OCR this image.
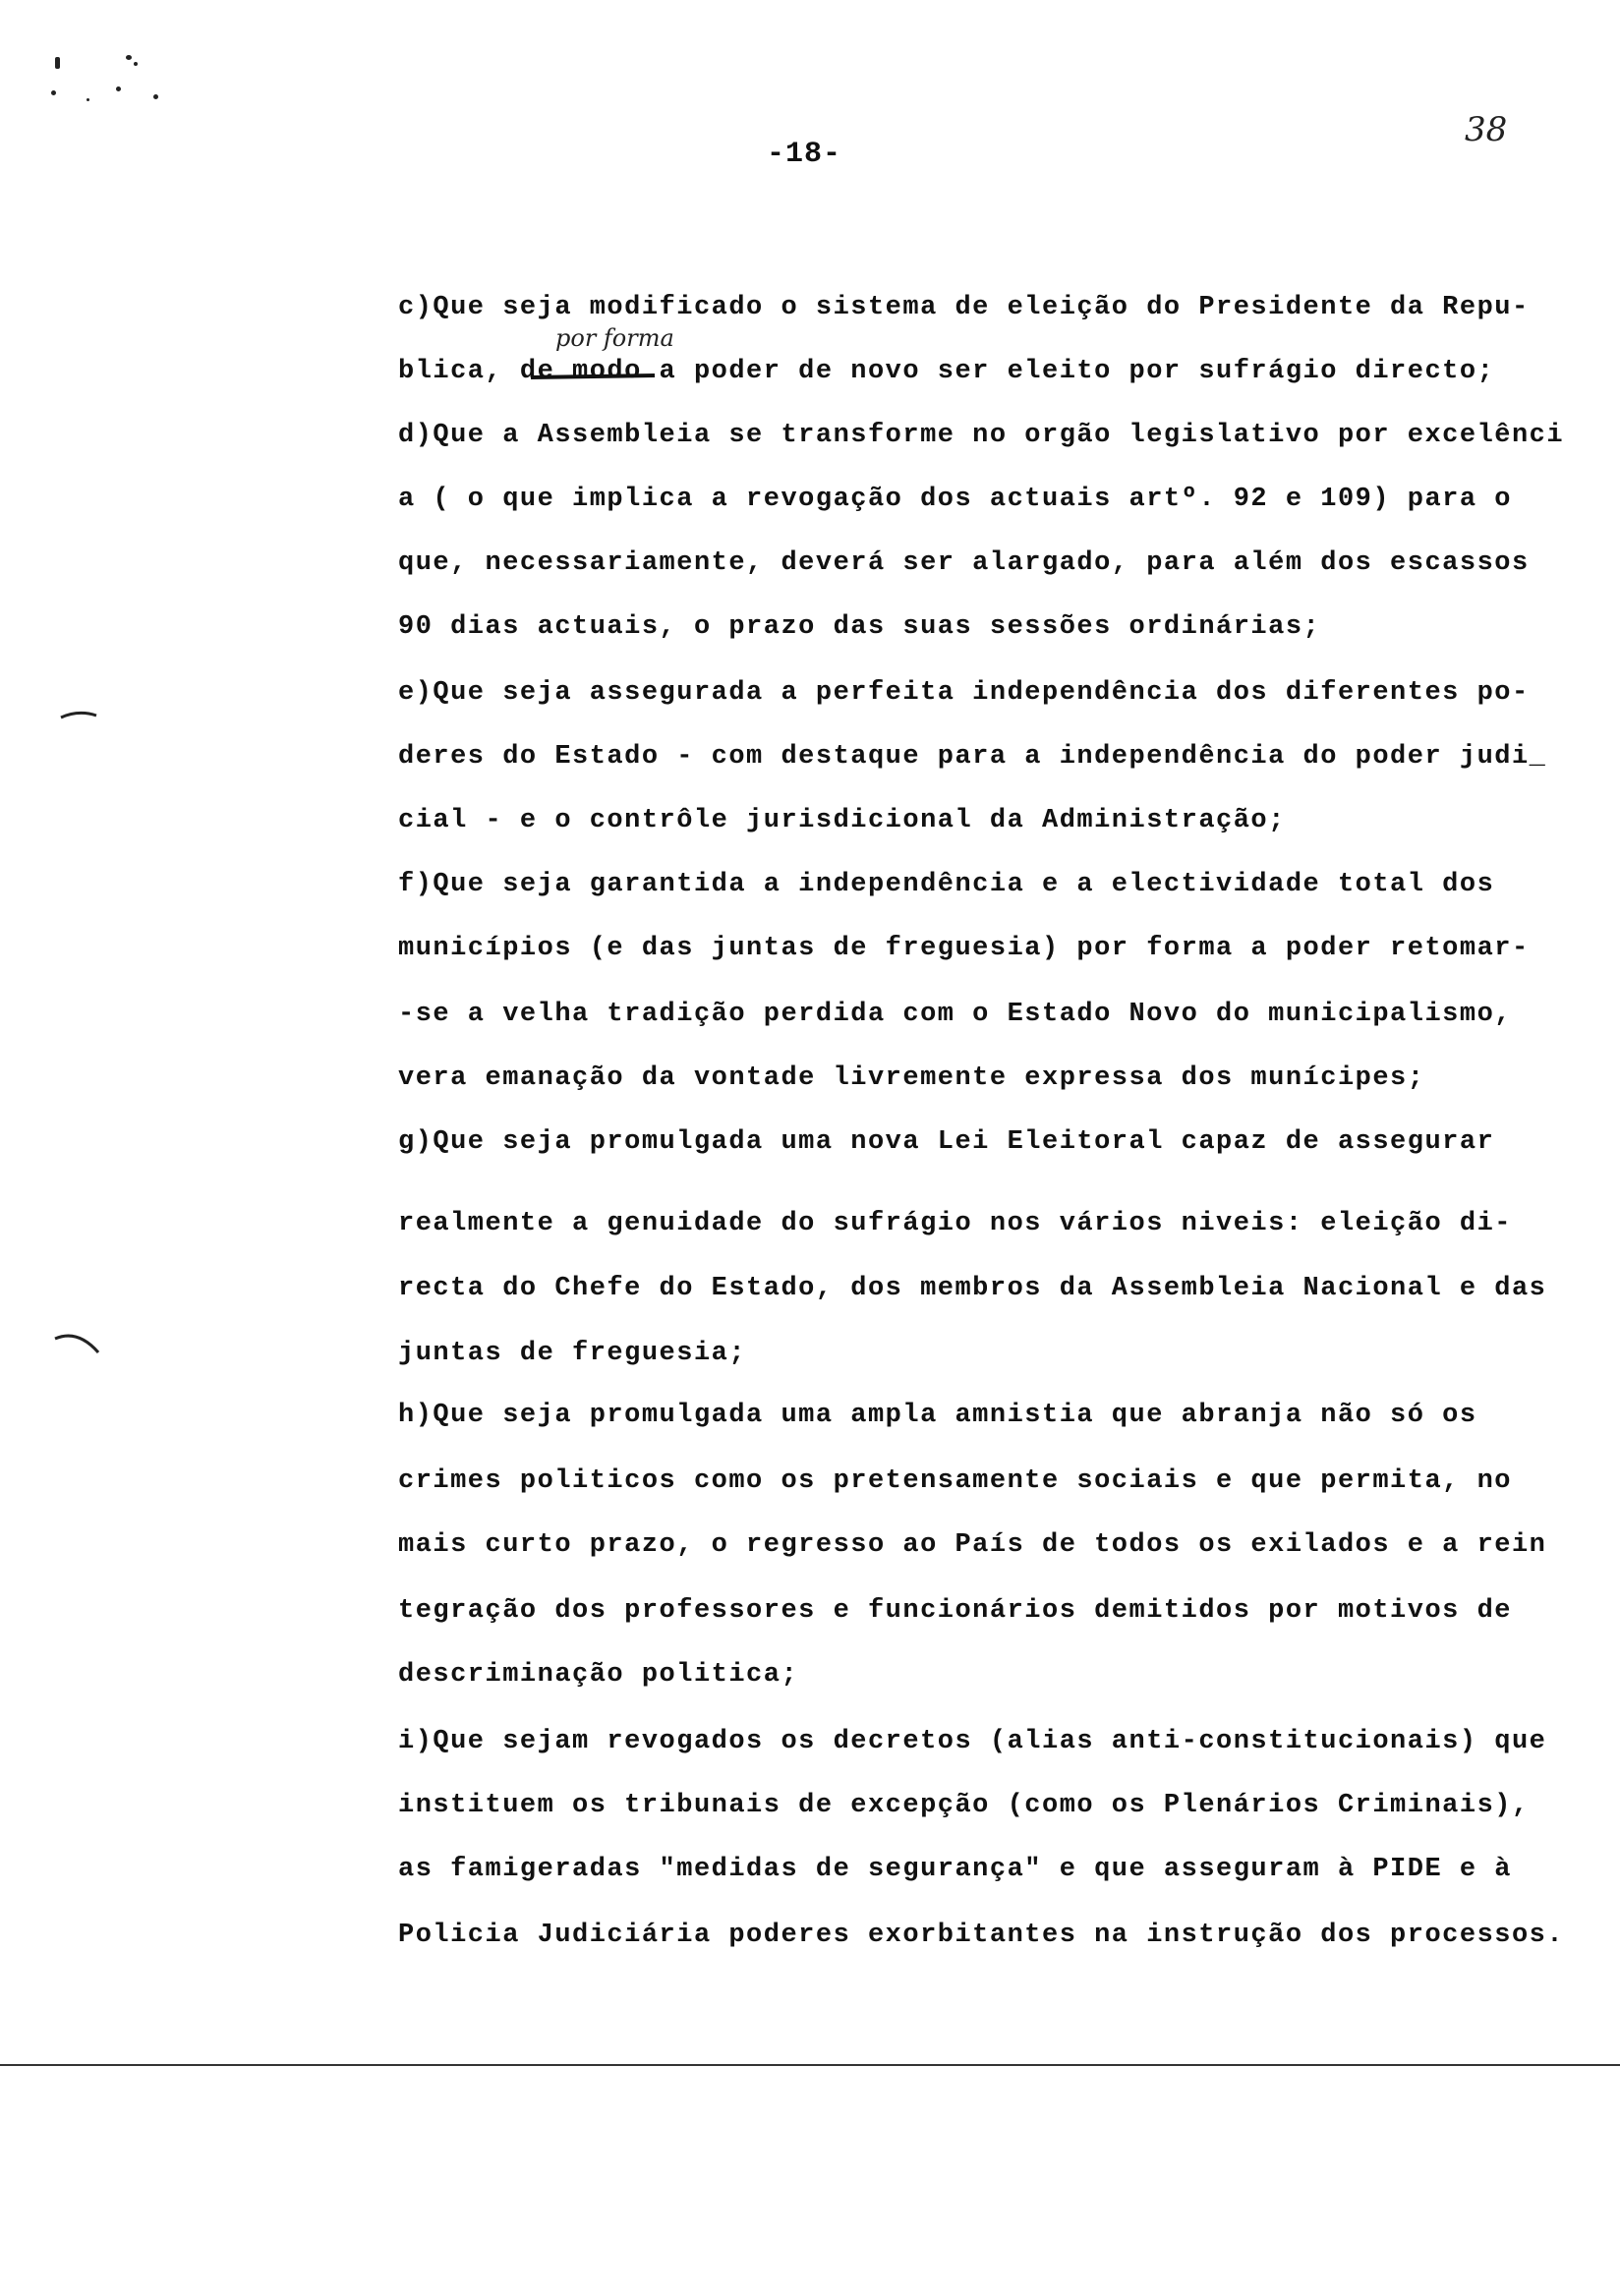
-18-
38
por forma
c)Que seja modificado o sistema de eleição do Presidente da Repu-
blica, de modo a poder de novo ser eleito por sufrágio directo;
d)Que a Assembleia se transforme no orgão legislativo por excelênci
a ( o que implica a revogação dos actuais artº. 92 e 109) para o
que, necessariamente, deverá ser alargado, para além dos escassos
90 dias actuais, o prazo das suas sessões ordinárias;
e)Que seja assegurada a perfeita independência dos diferentes po-
deres do Estado - com destaque para a independência do poder judi_
cial - e o contrôle jurisdicional da Administração;
f)Que seja garantida a independência e a electividade total dos
municípios (e das juntas de freguesia) por forma a poder retomar-
-se a velha tradição perdida com o Estado Novo do municipalismo,
vera emanação da vontade livremente expressa dos munícipes;
g)Que seja promulgada uma nova Lei Eleitoral capaz de assegurar
realmente a genuidade do sufrágio nos vários niveis: eleição di-
recta do Chefe do Estado, dos membros da Assembleia Nacional e das
juntas de freguesia;
h)Que seja promulgada uma ampla amnistia que abranja não só os
crimes politicos como os pretensamente sociais e que permita, no
mais curto prazo, o regresso ao País de todos os exilados e a rein
tegração dos professores e funcionários demitidos por motivos de
descriminação politica;
i)Que sejam revogados os decretos (alias anti-constitucionais) que
instituem os tribunais de excepção (como os Plenários Criminais),
as famigeradas "medidas de segurança" e que asseguram à PIDE e à
Policia Judiciária poderes exorbitantes na instrução dos processos.
